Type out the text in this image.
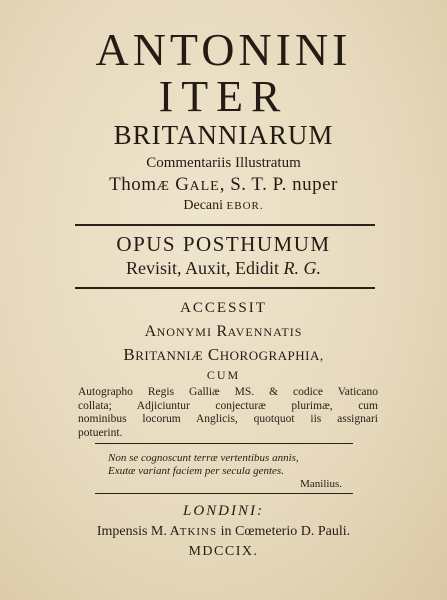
ANTONINI
ITER
BRITANNIARUM
Commentariis Illustratum
ThomÆ GALE, S. T. P. nuper
Decani EBOR.
OPUS POSTHUMUM
Revisit, Auxit, Edidit R. G.
ACCESSIT
ANONYMI RAVENNATIS
BRITANNIÆ CHOROGRAPHIA,
CUM
Autographo Regis Galliæ MS. & codice Vaticano
collata; Adjiciuntur conjecturæ plurimæ, cum
nominibus locorum Anglicis, quotquot iis assignari
potuerint.
Non se cognoscunt terræ vertentibus annis,
Exutæ variant faciem per secula gentes.
Manilius.
LONDINI:
Impensis M. ATKINS in Cœmeterio D. Pauli.
MDCCIX.
